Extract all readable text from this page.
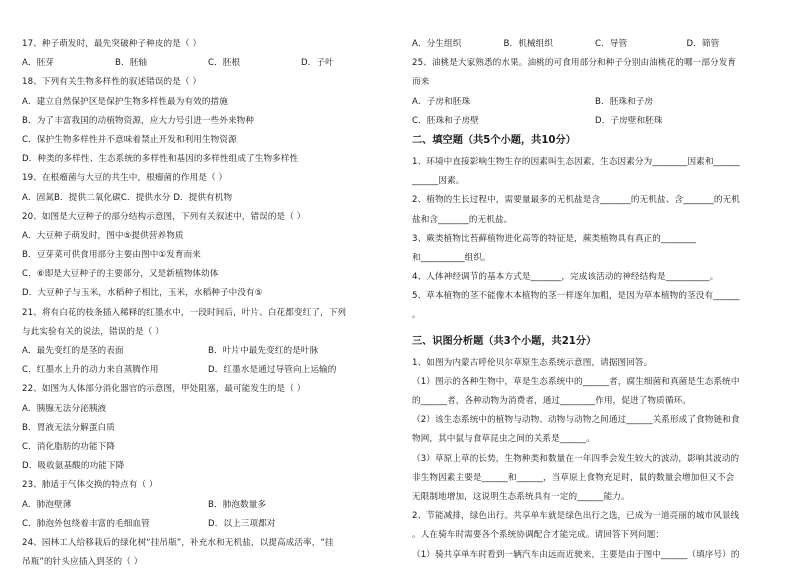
17、种子萌发时，最先突破种子种皮的是（ ）
A．胚芽	B．胚轴	C．胚根	D．子叶
18、下列有关生物多样性的叙述错误的是（ ）
A．建立自然保护区是保护生物多样性最为有效的措施
B．为了丰富我国的动植物资源，应大力号引进一些外来物种
C．保护生物多样性并不意味着禁止开发和利用生物资源
D．种类的多样性、生态系统的多样性和基因的多样性组成了生物多样性
19、在根瘤菌与大豆的共生中，根瘤菌的作用是（ ）
A．固氮B．提供二氧化碳C．提供水分 D．提供有机物
20、如图是大豆种子的部分结构示意图，下列有关叙述中，错误的是（ ）
A．大豆种子萌发时，图中⑤提供营养物质
B．豆芽菜可供食用部分主要由图中①发育而来
C．⑥即是大豆种子的主要部分，又是新植物体幼体
D．大豆种子与玉米，水稻种子相比，玉米，水稻种子中没有⑤
21、将有白花的枝条插入稀释的红墨水中，一段时间后，叶片、白花都变红了，下列
与此实验有关的说法，错误的是（ ）
A．最先变红的是茎的表面	B．叶片中最先变红的是叶脉
C．红墨水上升的动力来自蒸腾作用	D．红墨水是通过导管向上运输的
22、如图为人体部分消化器官的示意图，甲处阻塞，最可能发生的是（ ）
A．胰腺无法分泌胰液
B．胃液无法分解蛋白质
C．消化脂肪的功能下降
D．吸收氨基酸的功能下降
23、肺适于气体交换的特点有（ ）
A．肺泡壁薄	B．肺泡数量多
C．肺泡外包绕着丰富的毛细血管	D．以上三项都对
24、园林工人给移栽后的绿化树“挂吊瓶”，补充水和无机盐，以提高成活率，“挂
吊瓶”的针头应插入到茎的（ ）
A．分生组织	B．机械组织	C．导管	D．筛管
25、油桃是大家熟悉的水果。油桃的可食用部分和种子分别由油桃花的哪一部分发育
而来
A．子房和胚珠	B．胚珠和子房
C．胚珠和子房壁	D．子房壁和胚珠
二、填空题（共5个小题，共10分）
1、环境中直接影响生物生存的因素叫生态因素，生态因素分为________因素和______
______因素。
2、植物的生长过程中，需要量最多的无机盐是含_______的无机盐、含_______的无机
盐和含_______的无机盐。
3、蕨类植物比苔藓植物进化高等的特征是，蕨类植物具有真正的________
和__________组织。
4、人体神经调节的基本方式是_______，完成该活动的神经结构是__________。
5、草本植物的茎不能像木本植物的茎一样逐年加粗，是因为草本植物的茎没有______
。
三、识图分析题（共3个小题，共21分）
1、如图为内蒙古呼伦贝尔草原生态系统示意图，请据图回答。
（1）图示的各种生物中，草是生态系统中的______者，腐生细菌和真菌是生态系统中
的______者，各种动物为消费者，通过________作用，促进了物质循环。
（2）该生态系统中的植物与动物、动物与动物之间通过______关系形成了食物链和食
物网，其中鼠与食草昆虫之间的关系是______。
（3）草原上草的长势，生物种类和数量在一年四季会发生较大的波动，影响其波动的
非生物因素主要是______和______，当草原上食物充足时，鼠的数量会增加但又不会
无限制地增加，这说明生态系统具有一定的______能力。
2、节能减排，绿色出行。共享单车就是绿色出行之选，已成为一道亮丽的城市风景线
。人在骑车时需要各个系统协调配合才能完成。请回答下列问题：
（1）骑共享单车时看到一辆汽车由远而近驶来，主要是由于图中______（填序号）的
